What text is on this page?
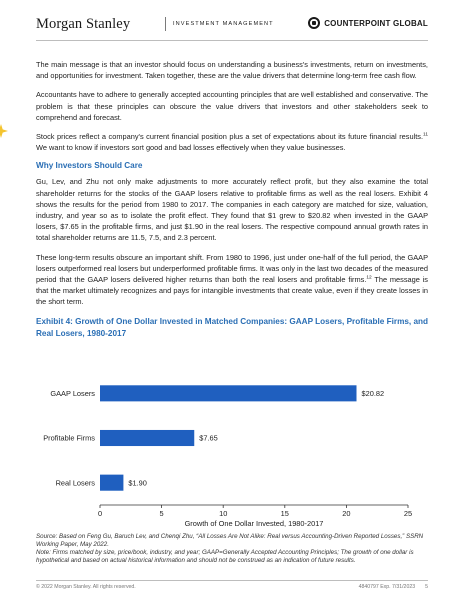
Morgan Stanley	INVESTMENT MANAGEMENT	COUNTERPOINT GLOBAL

The main message is that an investor should focus on understanding a business's investments, return on investments, and opportunities for investment. Taken together, these are the value drivers that determine long-term free cash flow.

Accountants have to adhere to generally accepted accounting principles that are well established and conservative. The problem is that these principles can obscure the value drivers that investors and other stakeholders seek to comprehend and forecast.

Stock prices reflect a company's current financial position plus a set of expectations about its future financial results.$^{11}$ We want to know if investors sort good and bad losses effectively when they value businesses.

Why Investors Should Care

Gu, Lev, and Zhu not only make adjustments to more accurately reflect profit, but they also examine the total shareholder returns for the stocks of the GAAP losers relative to profitable firms as well as the real losers. Exhibit 4 shows the results for the period from 1980 to 2017. The companies in each category are matched for size, valuation, industry, and year so as to isolate the profit effect. They found that $1 grew to $20.82 when invested in the GAAP losers, $7.65 in the profitable firms, and just $1.90 in the real losers. The respective compound annual growth rates in total shareholder returns are 11.5, 7.5, and 2.3 percent.

These long-term results obscure an important shift. From 1980 to 1996, just under one-half of the full period, the GAAP losers outperformed real losers but underperformed profitable firms. It was only in the last two decades of the measured period that the GAAP losers delivered higher returns than both the real losers and profitable firms.$^{12}$ The message is that the market ultimately recognizes and pays for intangible investments that create value, even if they create losses in the short term.

Exhibit 4: Growth of One Dollar Invested in Matched Companies: GAAP Losers, Profitable Firms, and Real Losers, 1980-2017
GAAP Losers	$20.82
Profitable Firms	$7.65
Real Losers	$1.90
0	5	10	15	20	25
Growth of One Dollar Invested, 1980-2017

Source: Based on Feng Gu, Baruch Lev, and Chenqi Zhu, “All Losses Are Not Alike: Real versus Accounting-Driven Reported Losses,” SSRN Working Paper, May 2022.

Note: Firms matched by size, price/book, industry, and year; GAAP=Generally Accepted Accounting Principles; The growth of one dollar is hypothetical and based on actual historical information and should not be construed as an indication of future results.

© 2022 Morgan Stanley. All rights reserved.	4840797 Exp. 7/31/2023 5
